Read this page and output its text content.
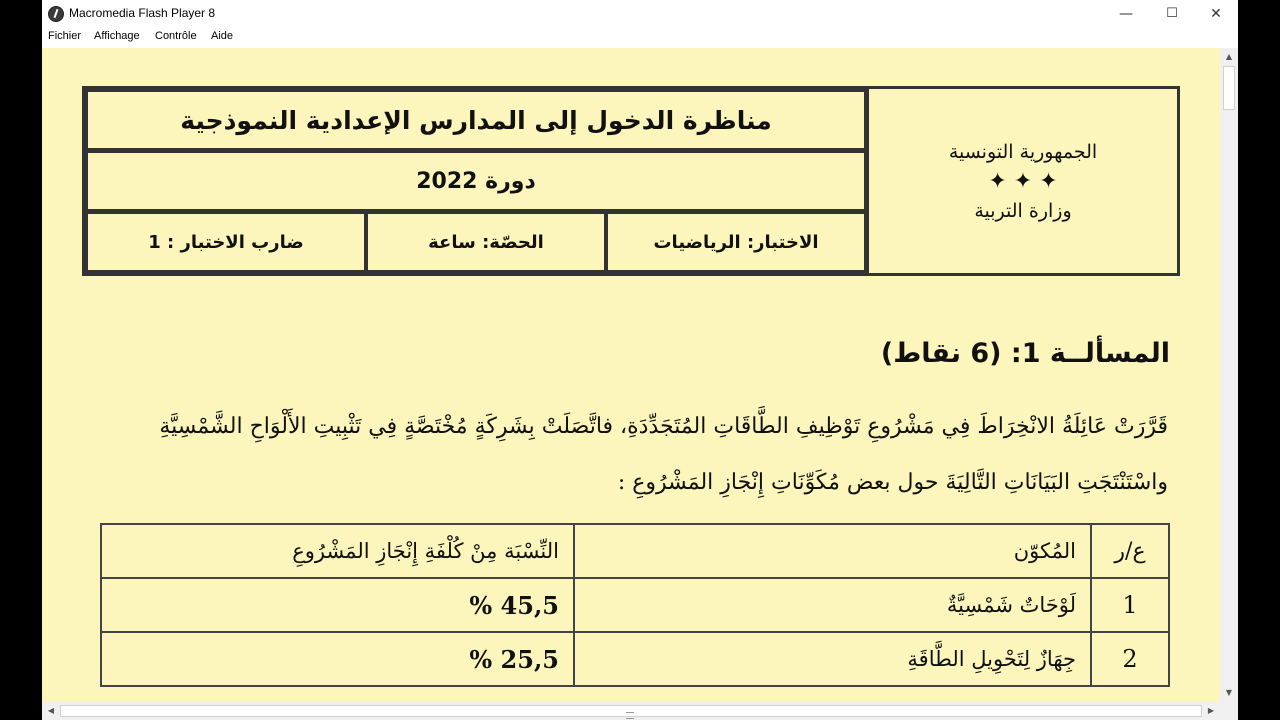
Macromedia Flash Player 8	—	☐	✕
Fichier Affichage Contrôle Aide
الجمهورية التونسية
✦ ✦ ✦
وزارة التربية
مناظرة الدخول إلى المدارس الإعدادية النموذجية
دورة 2022
الاختبار: الرياضيات
الحصّة: ساعة
ضارب الاختبار : 1
المسألــة 1: (6 نقاط)
قَرَّرَتْ عَائِلَةُ الانْخِرَاطَ فِي مَشْرُوعِ تَوْظِيفِ الطَّاقَاتِ المُتَجَدِّدَةِ، فاتَّصَلَتْ بِشَرِكَةٍ مُخْتَصَّةٍ فِي تَثْبِيتِ الأَلْوَاحِ الشَّمْسِيَّةِ
واسْتَنْتَجَتِ البَيَانَاتِ التَّالِيَةَ حول بعض مُكَوِّنَاتِ إِنْجَازِ المَشْرُوعِ :
ع/ر	المُكوّن	النِّسْبَة مِنْ كُلْفَةِ إِنْجَازِ المَشْرُوعِ
1	لَوْحَاتٌ شَمْسِيَّةٌ	45,5 %
2	جِهَازٌ لِتَحْوِيلِ الطَّاقَةِ	25,5 %
▲
▼
◀	▶
